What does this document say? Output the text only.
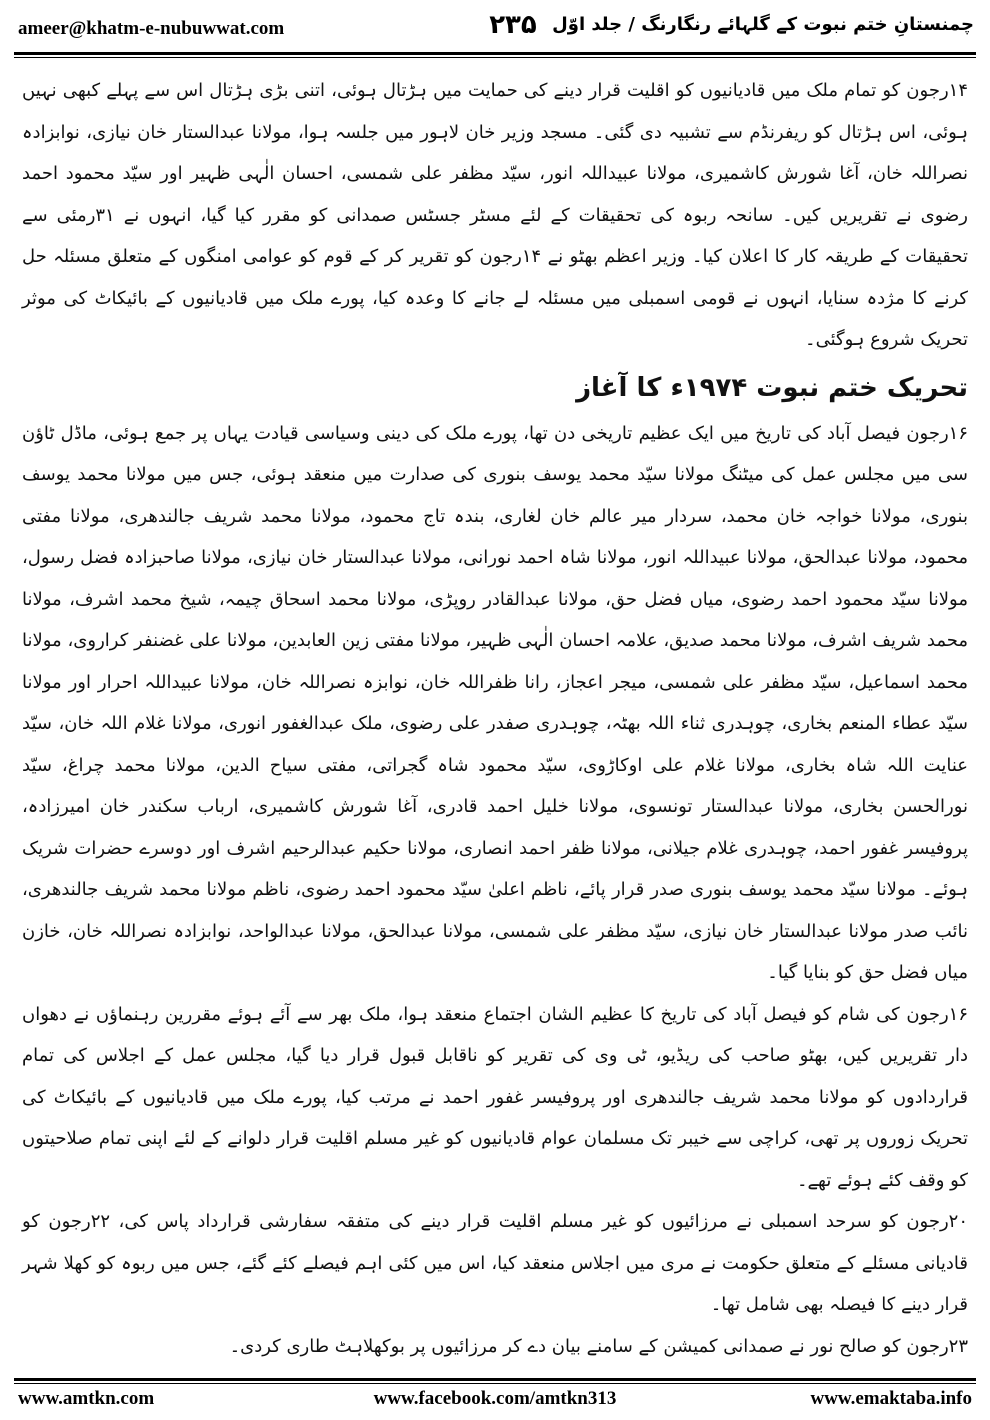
ameer@khatm-e-nubuwwat.com	۲۳۵ چمنستانِ ختم نبوت کے گلہائے رنگارنگ / جلد اوّل

۱۴رجون کو تمام ملک میں قادیانیوں کو اقلیت قرار دینے کی حمایت میں ہڑتال ہوئی، اتنی بڑی ہڑتال اس سے پہلے کبھی نہیں ہوئی، اس ہڑتال کو ریفرنڈم سے تشبیہ دی گئی۔ مسجد وزیر خان لاہور میں جلسہ ہوا، مولانا عبدالستار خان نیازی، نوابزادہ نصراللہ خان، آغا شورش کاشمیری، مولانا عبیداللہ انور، سیّد مظفر علی شمسی، احسان الٰہی ظہیر اور سیّد محمود احمد رضوی نے تقریریں کیں۔ سانحہ ربوہ کی تحقیقات کے لئے مسٹر جسٹس صمدانی کو مقرر کیا گیا، انہوں نے ۳۱رمئی سے تحقیقات کے طریقہ کار کا اعلان کیا۔ وزیر اعظم بھٹو نے ۱۴رجون کو تقریر کر کے قوم کو عوامی امنگوں کے متعلق مسئلہ حل کرنے کا مژدہ سنایا، انہوں نے قومی اسمبلی میں مسئلہ لے جانے کا وعدہ کیا، پورے ملک میں قادیانیوں کے بائیکاٹ کی موثر تحریک شروع ہوگئی۔

تحریک ختم نبوت ۱۹۷۴ء کا آغاز

۱۶رجون فیصل آباد کی تاریخ میں ایک عظیم تاریخی دن تھا، پورے ملک کی دینی وسیاسی قیادت یہاں پر جمع ہوئی، ماڈل ٹاؤن سی میں مجلس عمل کی میٹنگ مولانا سیّد محمد یوسف بنوری کی صدارت میں منعقد ہوئی، جس میں مولانا محمد یوسف بنوری، مولانا خواجہ خان محمد، سردار میر عالم خان لغاری، بندہ تاج محمود، مولانا محمد شریف جالندھری، مولانا مفتی محمود، مولانا عبدالحق، مولانا عبیداللہ انور، مولانا شاہ احمد نورانی، مولانا عبدالستار خان نیازی، مولانا صاحبزادہ فضل رسول، مولانا سیّد محمود احمد رضوی، میاں فضل حق، مولانا عبدالقادر روپڑی، مولانا محمد اسحاق چیمہ، شیخ محمد اشرف، مولانا محمد شریف اشرف، مولانا محمد صدیق، علامہ احسان الٰہی ظہیر، مولانا مفتی زین العابدین، مولانا علی غضنفر کراروی، مولانا محمد اسماعیل، سیّد مظفر علی شمسی، میجر اعجاز، رانا ظفراللہ خان، نوابزہ نصراللہ خان، مولانا عبیداللہ احرار اور مولانا سیّد عطاء المنعم بخاری، چوہدری ثناء اللہ بھٹہ، چوہدری صفدر علی رضوی، ملک عبدالغفور انوری، مولانا غلام اللہ خان، سیّد عنایت اللہ شاہ بخاری، مولانا غلام علی اوکاڑوی، سیّد محمود شاہ گجراتی، مفتی سیاح الدین، مولانا محمد چراغ، سیّد نورالحسن بخاری، مولانا عبدالستار تونسوی، مولانا خلیل احمد قادری، آغا شورش کاشمیری، ارباب سکندر خان امیرزادہ، پروفیسر غفور احمد، چوہدری غلام جیلانی، مولانا ظفر احمد انصاری، مولانا حکیم عبدالرحیم اشرف اور دوسرے حضرات شریک ہوئے۔ مولانا سیّد محمد یوسف بنوری صدر قرار پائے، ناظم اعلیٰ سیّد محمود احمد رضوی، ناظم مولانا محمد شریف جالندھری، نائب صدر مولانا عبدالستار خان نیازی، سیّد مظفر علی شمسی، مولانا عبدالحق، مولانا عبدالواحد، نوابزادہ نصراللہ خان، خازن میاں فضل حق کو بنایا گیا۔

۱۶رجون کی شام کو فیصل آباد کی تاریخ کا عظیم الشان اجتماع منعقد ہوا، ملک بھر سے آئے ہوئے مقررین رہنماؤں نے دھواں دار تقریریں کیں، بھٹو صاحب کی ریڈیو، ٹی وی کی تقریر کو ناقابل قبول قرار دیا گیا، مجلس عمل کے اجلاس کی تمام قراردادوں کو مولانا محمد شریف جالندھری اور پروفیسر غفور احمد نے مرتب کیا، پورے ملک میں قادیانیوں کے بائیکاٹ کی تحریک زوروں پر تھی، کراچی سے خیبر تک مسلمان عوام قادیانیوں کو غیر مسلم اقلیت قرار دلوانے کے لئے اپنی تمام صلاحیتوں کو وقف کئے ہوئے تھے۔

۲۰رجون کو سرحد اسمبلی نے مرزائیوں کو غیر مسلم اقلیت قرار دینے کی متفقہ سفارشی قرارداد پاس کی، ۲۲رجون کو قادیانی مسئلے کے متعلق حکومت نے مری میں اجلاس منعقد کیا، اس میں کئی اہم فیصلے کئے گئے، جس میں ربوہ کو کھلا شہر قرار دینے کا فیصلہ بھی شامل تھا۔

۲۳رجون کو صالح نور نے صمدانی کمیشن کے سامنے بیان دے کر مرزائیوں پر بوکھلاہٹ طاری کردی۔

www.amtkn.com	www.facebook.com/amtkn313	www.emaktaba.info
